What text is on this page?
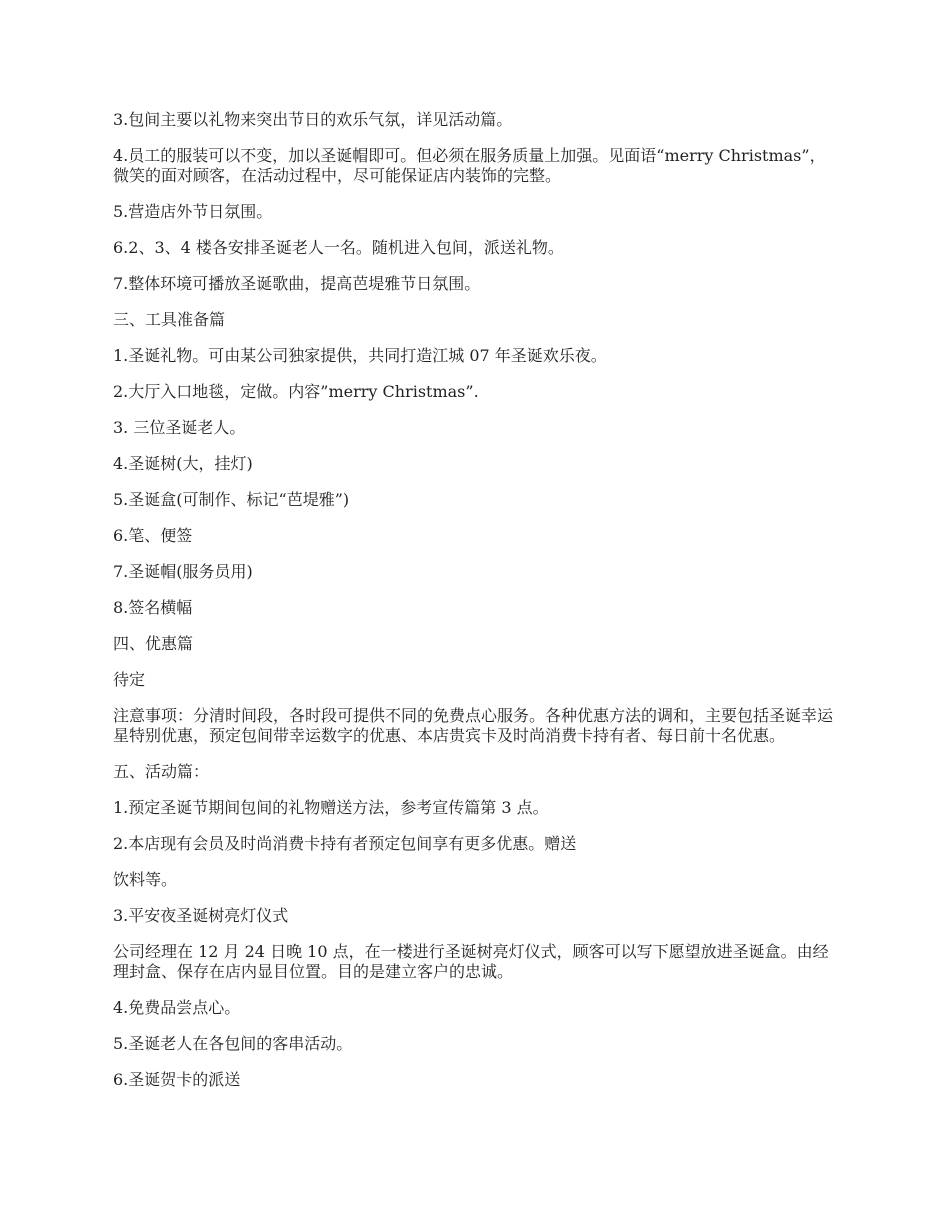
3.包间主要以礼物来突出节日的欢乐气氛，详见活动篇。

4.员工的服装可以不变，加以圣诞帽即可。但必须在服务质量上加强。见面语“merry Christmas”，微笑的面对顾客，在活动过程中，尽可能保证店内装饰的完整。

5.营造店外节日氛围。

6.2、3、4 楼各安排圣诞老人一名。随机进入包间，派送礼物。

7.整体环境可播放圣诞歌曲，提高芭堤雅节日氛围。

三、工具准备篇

1.圣诞礼物。可由某公司独家提供，共同打造江城 07 年圣诞欢乐夜。

2.大厅入口地毯，定做。内容”merry Christmas”.

3. 三位圣诞老人。

4.圣诞树(大，挂灯)

5.圣诞盒(可制作、标记“芭堤雅”)

6.笔、便签

7.圣诞帽(服务员用)

8.签名横幅

四、优惠篇

待定

注意事项：分清时间段，各时段可提供不同的免费点心服务。各种优惠方法的调和，主要包括圣诞幸运星特别优惠，预定包间带幸运数字的优惠、本店贵宾卡及时尚消费卡持有者、每日前十名优惠。

五、活动篇：

1.预定圣诞节期间包间的礼物赠送方法，参考宣传篇第 3 点。

2.本店现有会员及时尚消费卡持有者预定包间享有更多优惠。赠送

饮料等。

3.平安夜圣诞树亮灯仪式

公司经理在 12 月 24 日晚 10 点，在一楼进行圣诞树亮灯仪式，顾客可以写下愿望放进圣诞盒。由经理封盒、保存在店内显目位置。目的是建立客户的忠诚。

4.免费品尝点心。

5.圣诞老人在各包间的客串活动。

6.圣诞贺卡的派送
